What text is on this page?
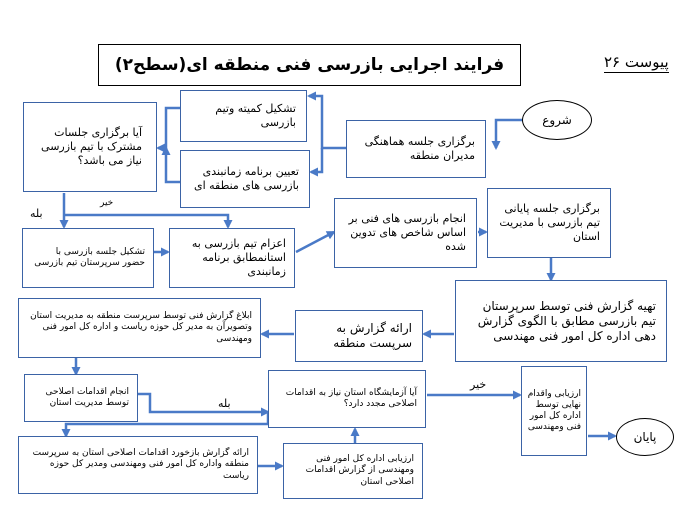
فرایند اجرایی بازرسی فنی منطقه ای(سطح۲)	پیوست ۲۶
شروع
پایان
برگزاری جلسه هماهنگی مدیران منطقه
تشکیل کمیته وتیم بازرسی
تعیین برنامه زمانبندی بازرسی های منطقه ای
آیا برگزاری جلسات مشترک با تیم بازرسی نیاز می باشد؟
بله
خیر
تشکیل جلسه بازرسی با حضور سرپرستان تیم بازرسی
اعزام تیم بازرسی به استانمطابق برنامه زمانبندی
انجام بازرسی های فنی بر اساس شاخص های تدوین شده
برگزاری جلسه پایانی تیم بازرسی با مدیریت استان
تهیه گزارش فنی توسط سرپرستان تیم بازرسی مطابق با الگوی گزارش دهی اداره کل امور فنی مهندسی
ارائه گزارش به سرپست منطقه
ابلاغ گزارش فنی توسط سرپرست منطقه به مدیریت استان وتصویرآن به مدیر کل حوزه ریاست و اداره کل امور فنی ومهندسی
انجام اقدامات اصلاحی توسط مدیریت استان
آیا آزمایشگاه استان نیاز به اقدامات اصلاحی مجدد دارد؟
بله
خیر
ارزیابی واقدام نهایی توسط اداره کل امور فنی ومهندسی
ارائه گزارش بازخورد اقدامات اصلاحی استان به سرپرست منطقه واداره کل امور فنی ومهندسی ومدیر کل حوزه ریاست
ارزیابی اداره کل امور فنی ومهندسی از گزارش اقدامات اصلاحی استان
